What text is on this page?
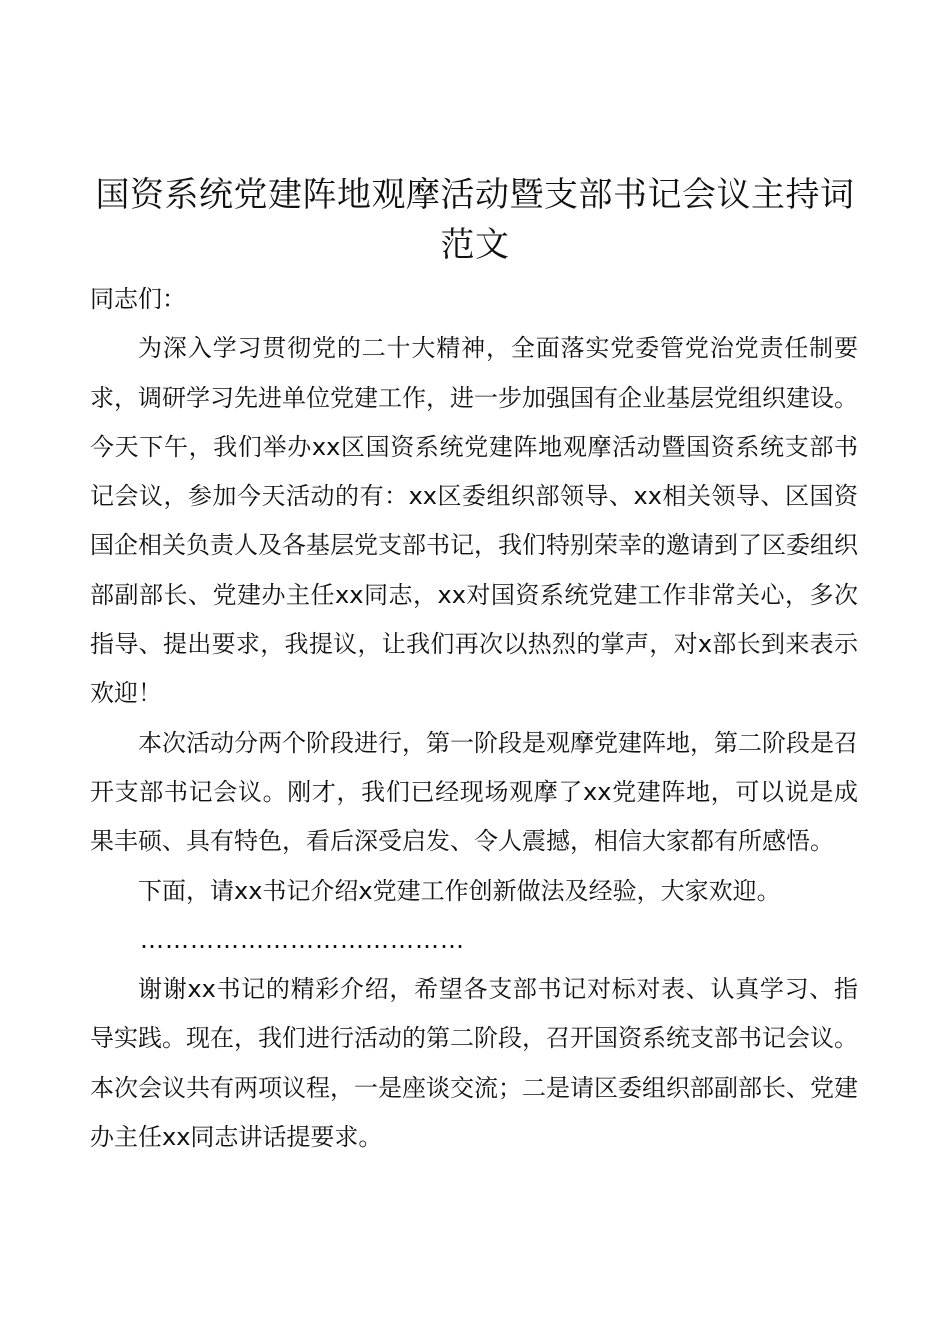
国资系统党建阵地观摩活动暨支部书记会议主持词范文

同志们：

为深入学习贯彻党的二十大精神，全面落实党委管党治党责任制要求，调研学习先进单位党建工作，进一步加强国有企业基层党组织建设。今天下午，我们举办xx区国资系统党建阵地观摩活动暨国资系统支部书记会议，参加今天活动的有：xx区委组织部领导、xx相关领导、区国资国企相关负责人及各基层党支部书记，我们特别荣幸的邀请到了区委组织部副部长、党建办主任xx同志，xx对国资系统党建工作非常关心，多次指导、提出要求，我提议，让我们再次以热烈的掌声，对x部长到来表示欢迎！

本次活动分两个阶段进行，第一阶段是观摩党建阵地，第二阶段是召开支部书记会议。刚才，我们已经现场观摩了xx党建阵地，可以说是成果丰硕、具有特色，看后深受启发、令人震撼，相信大家都有所感悟。

下面，请xx书记介绍x党建工作创新做法及经验，大家欢迎。

…………………………………

谢谢xx书记的精彩介绍，希望各支部书记对标对表、认真学习、指导实践。现在，我们进行活动的第二阶段，召开国资系统支部书记会议。本次会议共有两项议程，一是座谈交流；二是请区委组织部副部长、党建办主任xx同志讲话提要求。
